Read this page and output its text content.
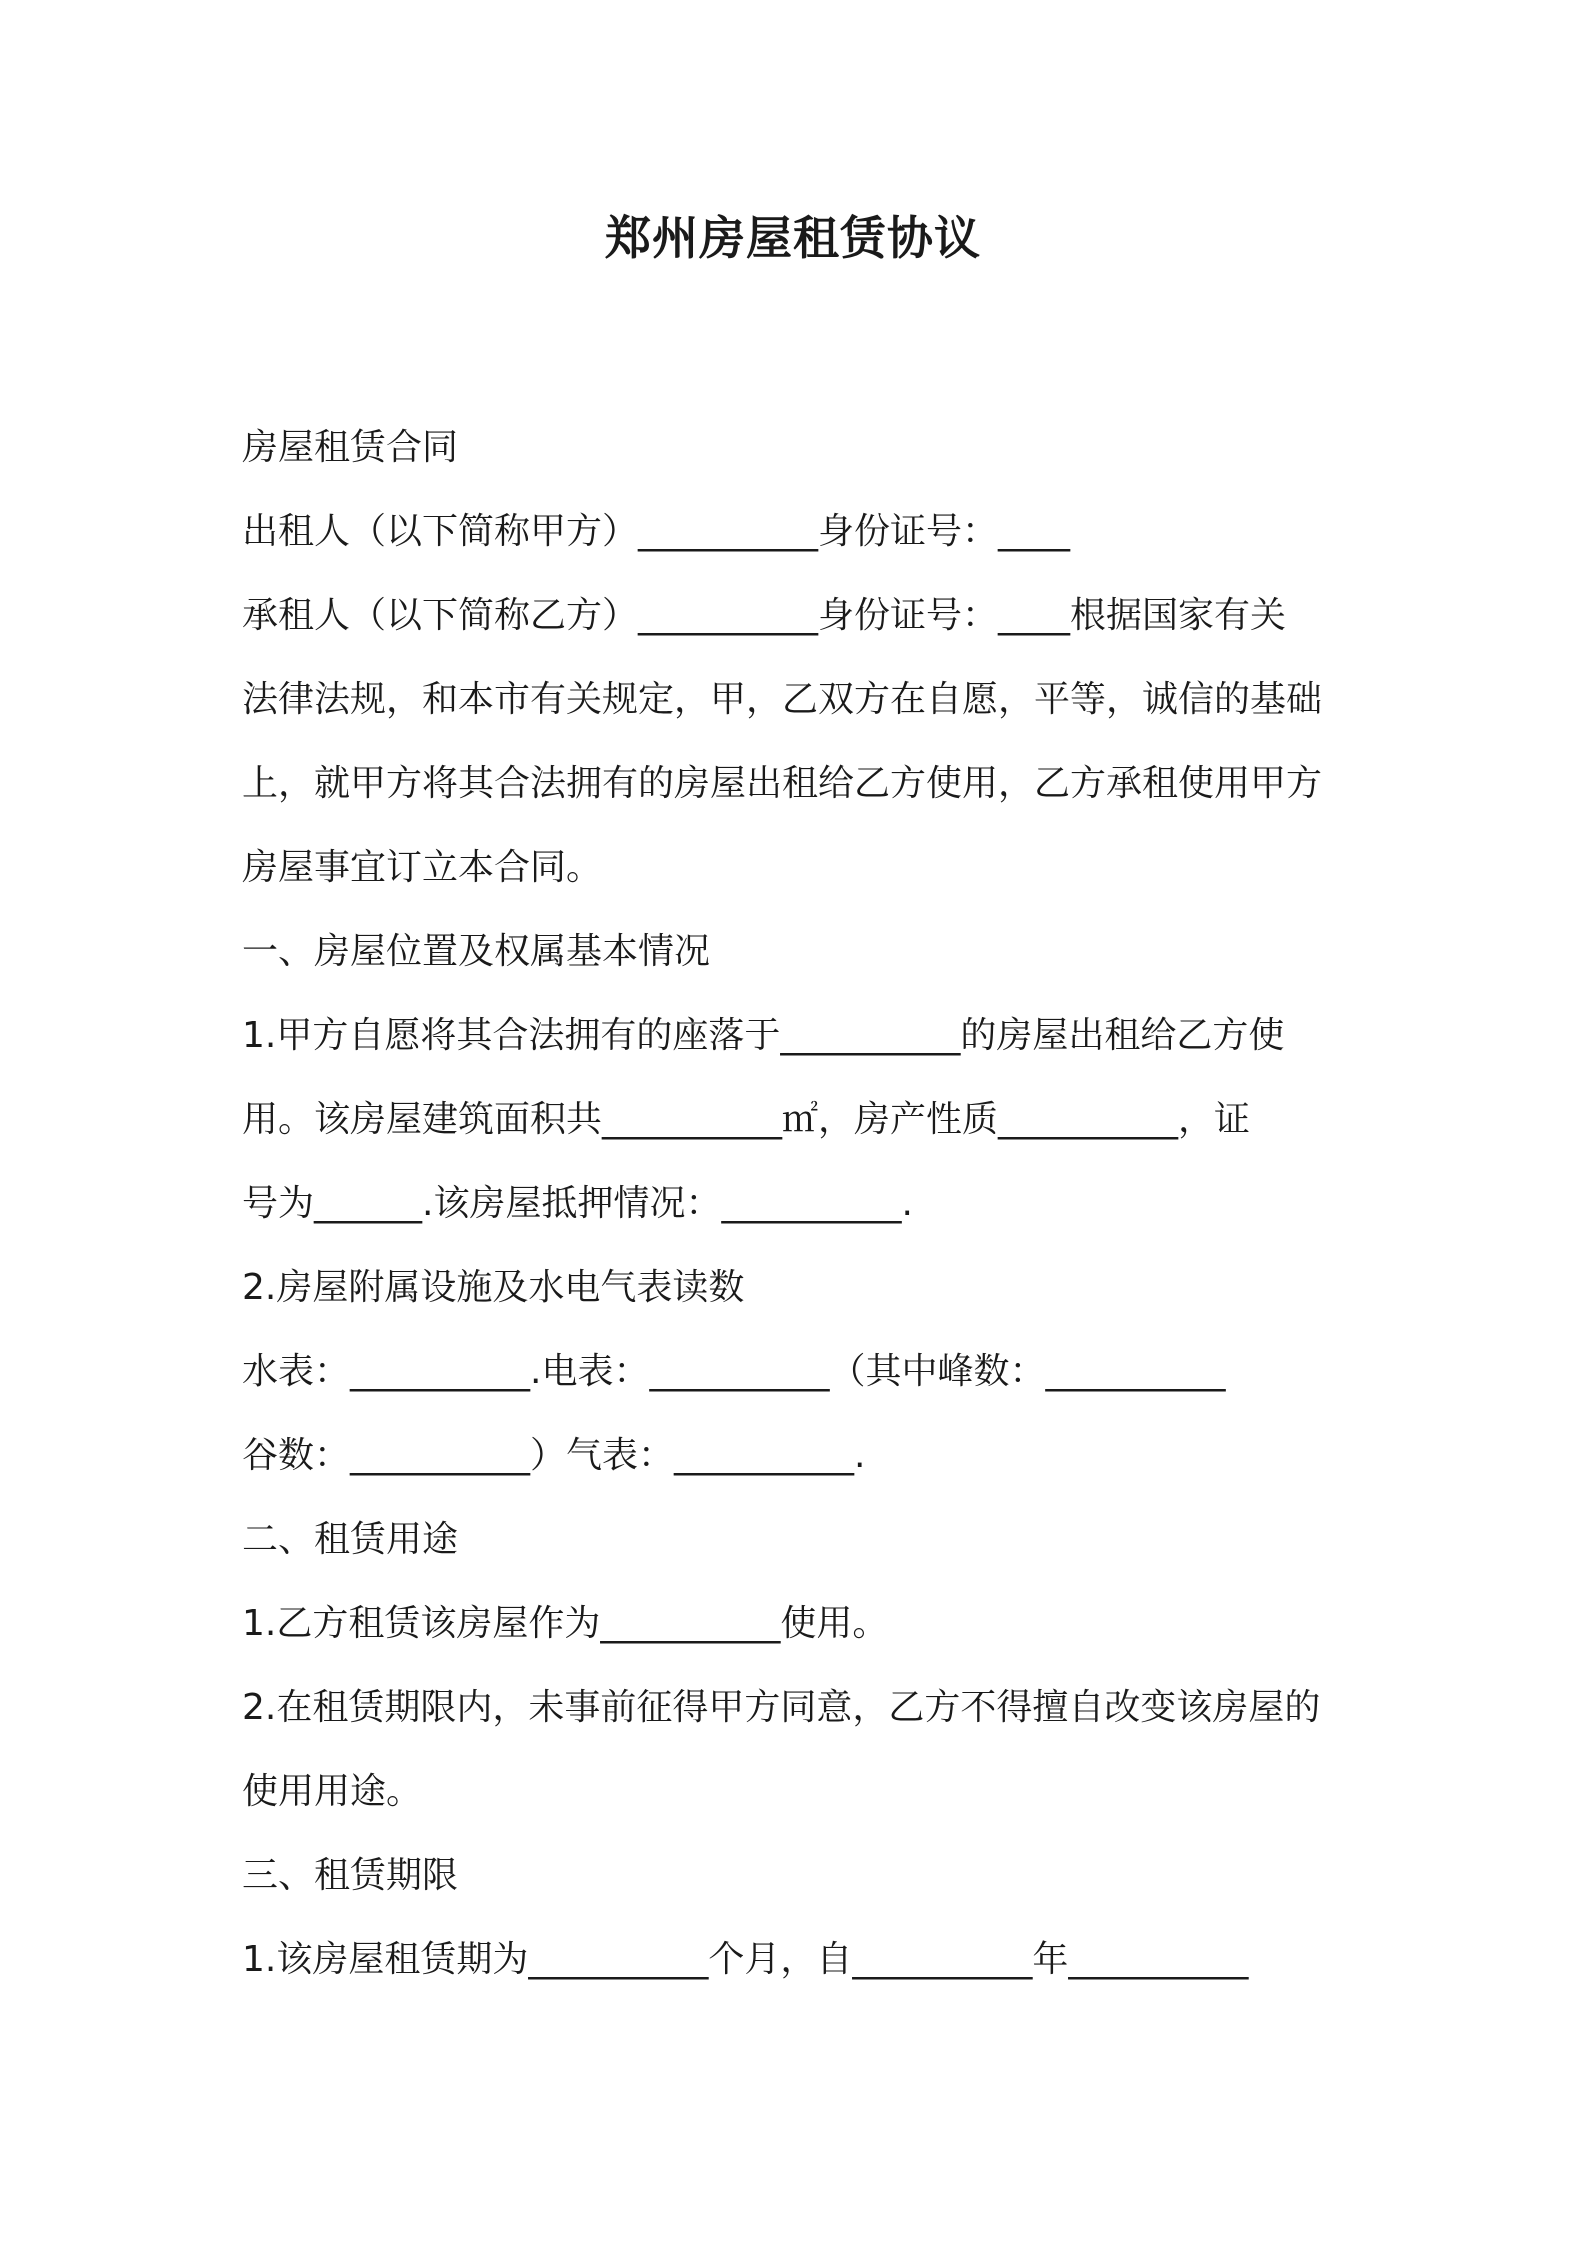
郑州房屋租赁协议
房屋租赁合同
出租人（以下简称甲方）__________身份证号：____
承租人（以下简称乙方）__________身份证号：____根据国家有关
法律法规，和本市有关规定，甲，乙双方在自愿，平等，诚信的基础
上，就甲方将其合法拥有的房屋出租给乙方使用，乙方承租使用甲方
房屋事宜订立本合同。
一、房屋位置及权属基本情况
1.甲方自愿将其合法拥有的座落于__________的房屋出租给乙方使
用。该房屋建筑面积共__________㎡，房产性质__________，证
号为______.该房屋抵押情况：__________.
2.房屋附属设施及水电气表读数
水表：__________.电表：__________（其中峰数：__________
谷数：__________）气表：__________.
二、租赁用途
1.乙方租赁该房屋作为__________使用。
2.在租赁期限内，未事前征得甲方同意，乙方不得擅自改变该房屋的
使用用途。
三、租赁期限
1.该房屋租赁期为__________个月，自__________年__________
